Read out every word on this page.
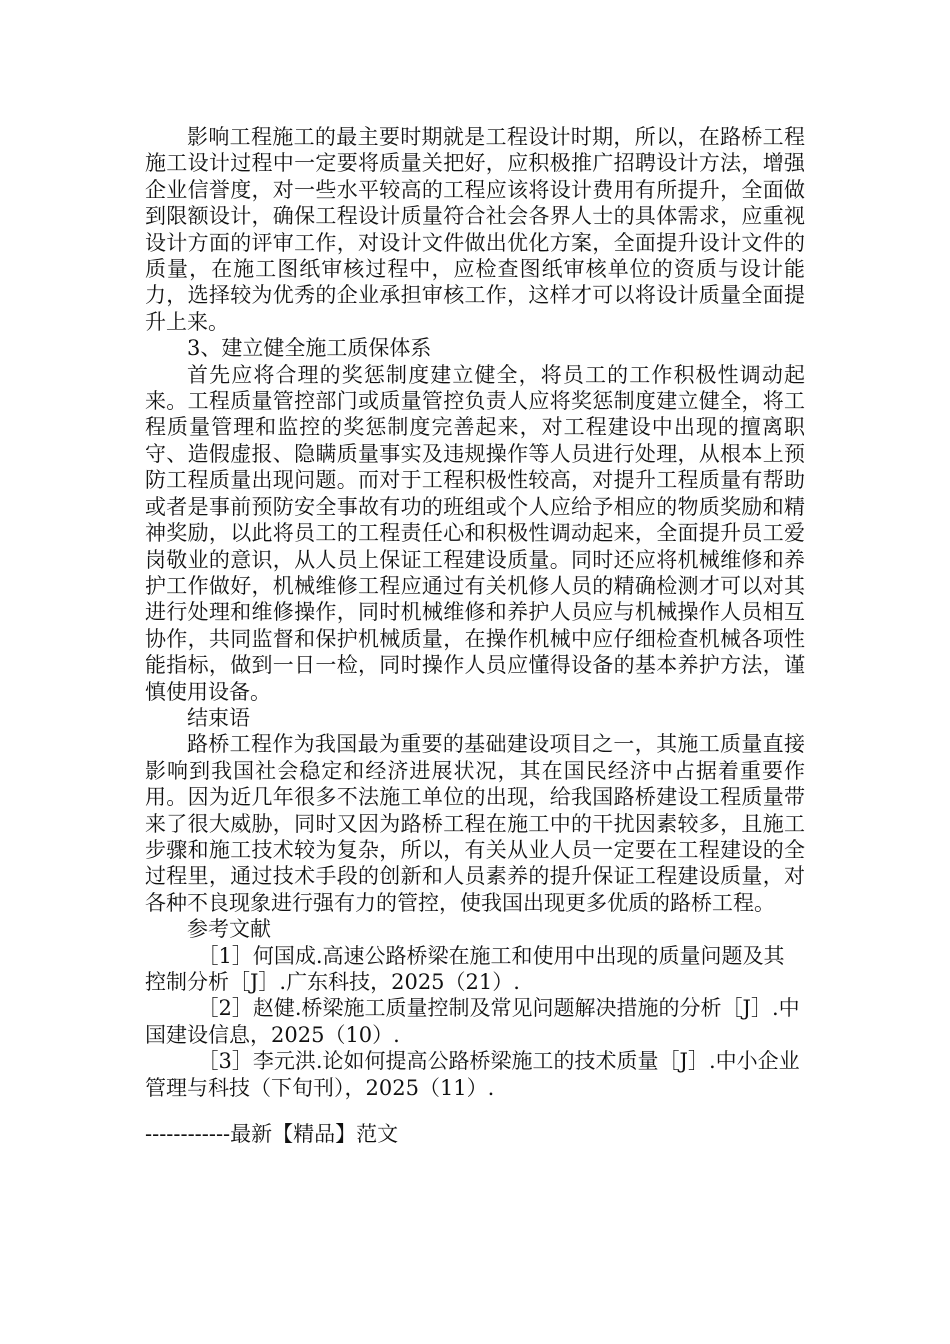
影响工程施工的最主要时期就是工程设计时期，所以，在路桥工程施工设计过程中一定要将质量关把好，应积极推广招聘设计方法，增强企业信誉度，对一些水平较高的工程应该将设计费用有所提升，全面做到限额设计，确保工程设计质量符合社会各界人士的具体需求，应重视设计方面的评审工作，对设计文件做出优化方案，全面提升设计文件的质量，在施工图纸审核过程中，应检查图纸审核单位的资质与设计能力，选择较为优秀的企业承担审核工作，这样才可以将设计质量全面提升上来。

3、建立健全施工质保体系

首先应将合理的奖惩制度建立健全，将员工的工作积极性调动起来。工程质量管控部门或质量管控负责人应将奖惩制度建立健全，将工程质量管理和监控的奖惩制度完善起来，对工程建设中出现的擅离职守、造假虚报、隐瞒质量事实及违规操作等人员进行处理，从根本上预防工程质量出现问题。而对于工程积极性较高，对提升工程质量有帮助或者是事前预防安全事故有功的班组或个人应给予相应的物质奖励和精神奖励，以此将员工的工程责任心和积极性调动起来，全面提升员工爱岗敬业的意识，从人员上保证工程建设质量。同时还应将机械维修和养护工作做好，机械维修工程应通过有关机修人员的精确检测才可以对其进行处理和维修操作，同时机械维修和养护人员应与机械操作人员相互协作，共同监督和保护机械质量，在操作机械中应仔细检查机械各项性能指标，做到一日一检，同时操作人员应懂得设备的基本养护方法，谨慎使用设备。

结束语

路桥工程作为我国最为重要的基础建设项目之一，其施工质量直接影响到我国社会稳定和经济进展状况，其在国民经济中占据着重要作用。因为近几年很多不法施工单位的出现，给我国路桥建设工程质量带来了很大威胁，同时又因为路桥工程在施工中的干扰因素较多，且施工步骤和施工技术较为复杂，所以，有关从业人员一定要在工程建设的全过程里，通过技术手段的创新和人员素养的提升保证工程建设质量，对各种不良现象进行强有力的管控，使我国出现更多优质的路桥工程。

参考文献

［1］何国成.高速公路桥梁在施工和使用中出现的质量问题及其控制分析［J］.广东科技，2025（21）.

［2］赵健.桥梁施工质量控制及常见问题解决措施的分析［J］.中国建设信息，2025（10）.

［3］李元洪.论如何提高公路桥梁施工的技术质量［J］.中小企业管理与科技（下旬刊），2025（11）.

------------最新【精品】范文
